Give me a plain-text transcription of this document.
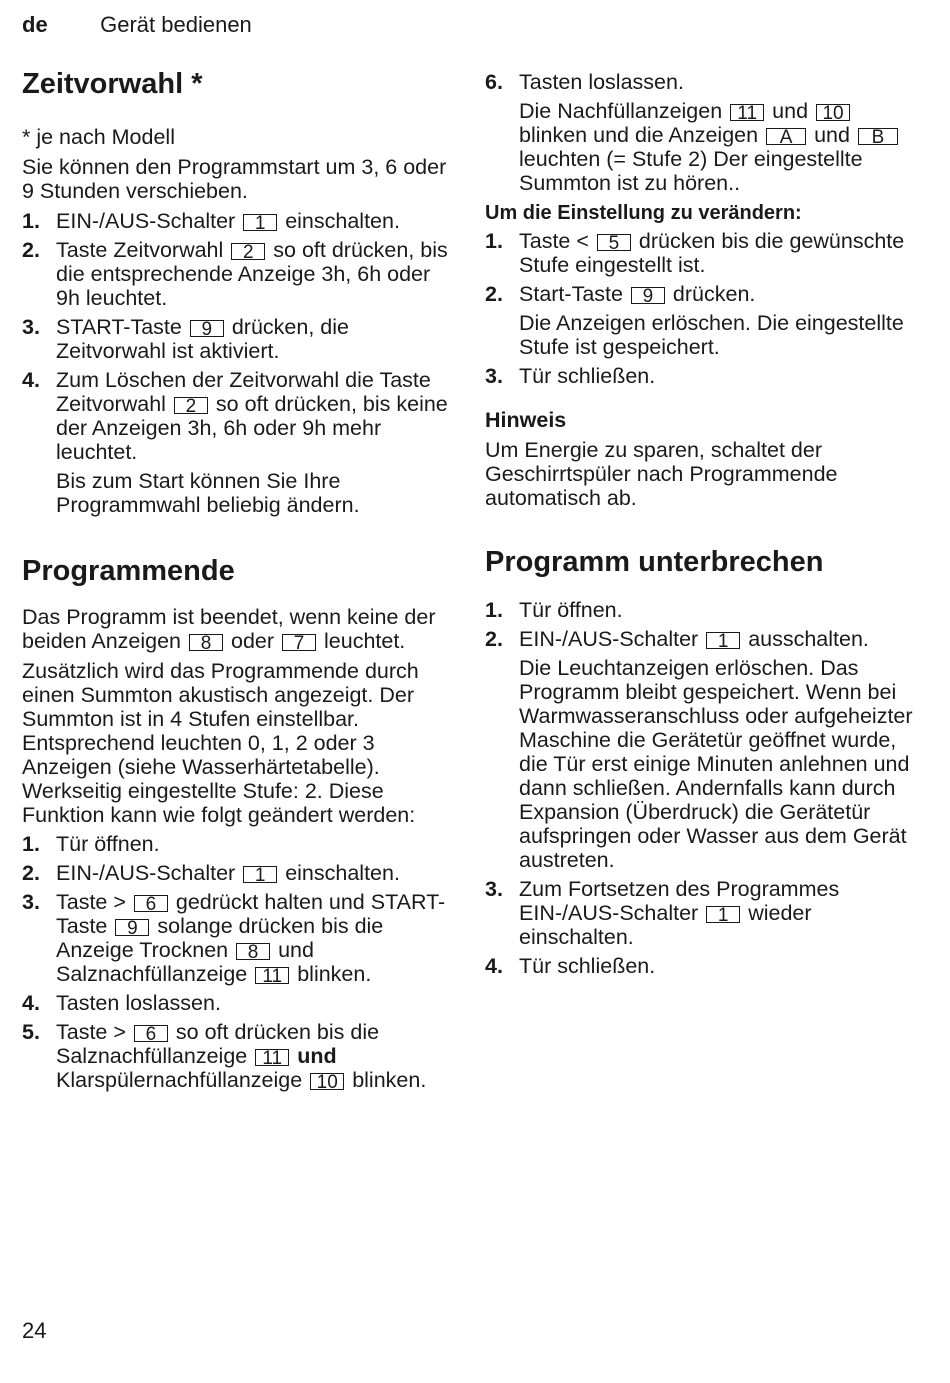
de Gerät bedienen
Zeitvorwahl *

* je nach Modell

Sie können den Programmstart um 3, 6 oder 9 Stunden verschieben.

1. EIN-/AUS-Schalter 1 einschalten.
2. Taste Zeitvorwahl 2 so oft drücken, bis die entsprechende Anzeige 3h, 6h oder 9h leuchtet.
3. START-Taste 9 drücken, die Zeitvorwahl ist aktiviert.
4. Zum Löschen der Zeitvorwahl die Taste Zeitvorwahl 2 so oft drücken, bis keine der Anzeigen 3h, 6h oder 9h mehr leuchtet.
Bis zum Start können Sie Ihre Programmwahl beliebig ändern.
Programmende

Das Programm ist beendet, wenn keine der beiden Anzeigen 8 oder 7 leuchtet.

Zusätzlich wird das Programmende durch einen Summton akustisch angezeigt. Der Summton ist in 4 Stufen einstellbar. Entsprechend leuchten 0, 1, 2 oder 3 Anzeigen (siehe Wasserhärtetabelle). Werkseitig eingestellte Stufe: 2. Diese Funktion kann wie folgt geändert werden:

1. Tür öffnen.
2. EIN-/AUS-Schalter 1 einschalten.
3. Taste > 6 gedrückt halten und START-Taste 9 solange drücken bis die Anzeige Trocknen 8 und Salznachfüllanzeige 11 blinken.
4. Tasten loslassen.
5. Taste > 6 so oft drücken bis die Salznachfüllanzeige 11 und Klarspülernachfüllanzeige 10 blinken.
6. Tasten loslassen.
Die Nachfüllanzeigen 11 und 10 blinken und die Anzeigen A und B leuchten (= Stufe 2) Der eingestellte Summton ist zu hören..
Um die Einstellung zu verändern:
1. Taste < 5 drücken bis die gewünschte Stufe eingestellt ist.
2. Start-Taste 9 drücken.
Die Anzeigen erlöschen. Die eingestellte Stufe ist gespeichert.
3. Tür schließen.
Hinweis

Um Energie zu sparen, schaltet der Geschirrtspüler nach Programmende automatisch ab.

Programm unterbrechen
1. Tür öffnen.
2. EIN-/AUS-Schalter 1 ausschalten.
Die Leuchtanzeigen erlöschen. Das Programm bleibt gespeichert. Wenn bei Warmwasseranschluss oder aufgeheizter Maschine die Gerätetür geöffnet wurde, die Tür erst einige Minuten anlehnen und dann schließen. Andernfalls kann durch Expansion (Überdruck) die Gerätetür aufspringen oder Wasser aus dem Gerät austreten.
3. Zum Fortsetzen des Programmes EIN-/AUS-Schalter 1 wieder einschalten.
4. Tür schließen.
24
